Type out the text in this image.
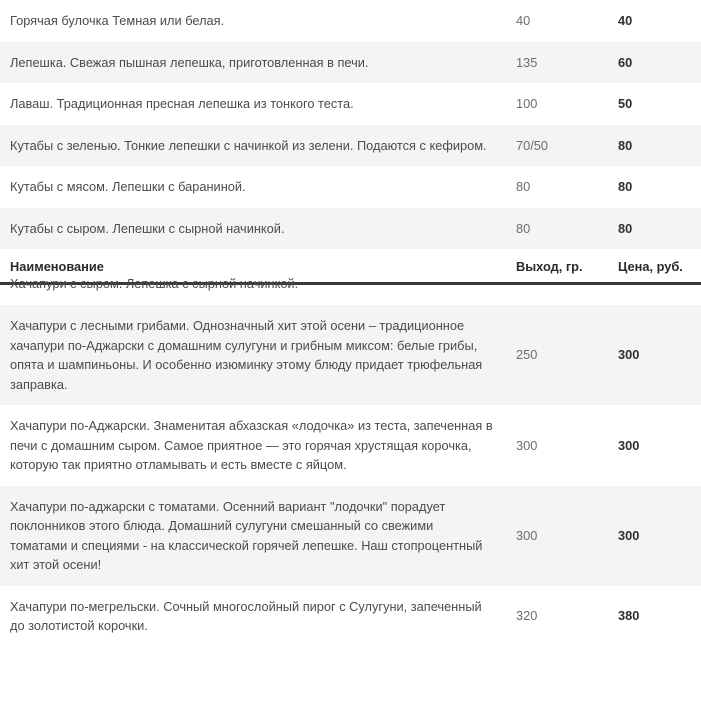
Горячая булочка Темная или белая.	40	40
Лепешка. Свежая пышная лепешка, приготовленная в печи.	135	60
Лаваш. Традиционная пресная лепешка из тонкого теста.	100	50
Кутабы с зеленью. Тонкие лепешки с начинкой из зелени. Подаются с кефиром.	70/50	80
Кутабы с мясом. Лепешки с бараниной.	80	80
Кутабы с сыром. Лепешки с сырной начинкой.	80	80
Наименование	Выход, гр.	Цена, руб.

Хачапури с сыром. Лепешка с сырной начинкой.		

Хачапури с лесными грибами. Однозначный хит этой осени – традиционное хачапури по-Аджарски с домашним сулугуни и грибным миксом: белые грибы, опята и шампиньоны. И особенно изюминку этому блюду придает трюфельная заправка.	250	300
Хачапури по-Аджарски. Знаменитая абхазская «лодочка» из теста, запеченная в печи с домашним сыром. Самое приятное — это горячая хрустящая корочка, которую так приятно отламывать и есть вместе с яйцом.	300	300
Хачапури по-аджарски с томатами. Осенний вариант "лодочки" порадует поклонников этого блюда. Домашний сулугуни смешанный со свежими томатами и специями - на классической горячей лепешке. Наш стопроцентный хит этой осени!	300	300
Хачапури по-мегрельски. Сочный многослойный пирог с Сулугуни, запеченный до золотистой корочки.	320	380
